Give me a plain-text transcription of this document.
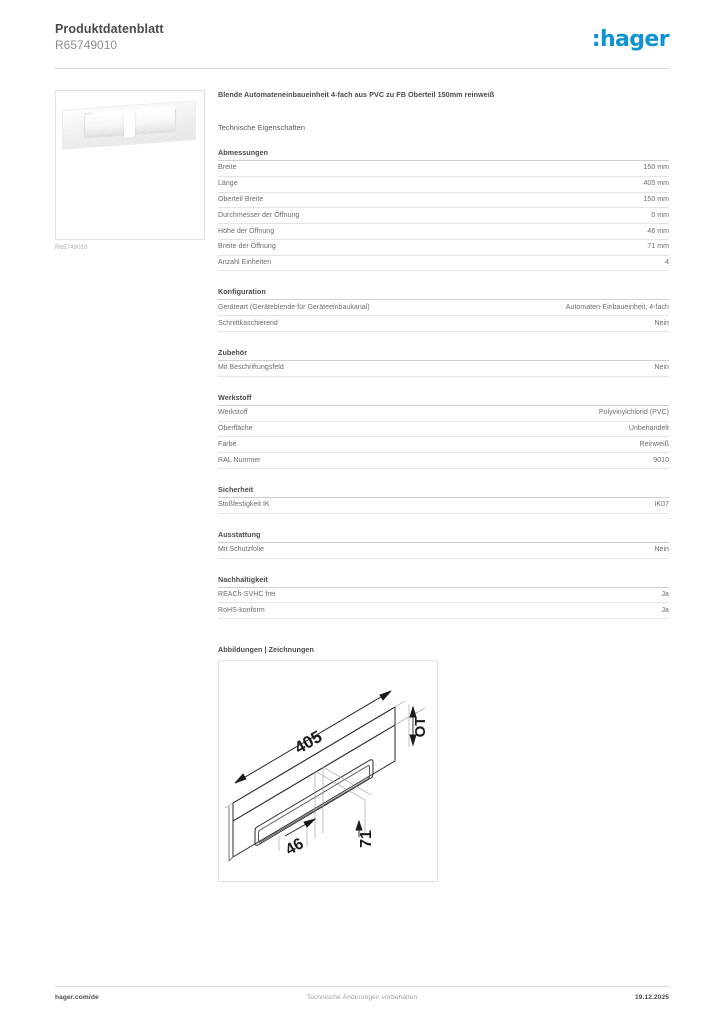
Produktdatenblatt
R65749010	:hager
R65749010
Blende Automateneinbaueinheit 4-fach aus PVC zu FB Oberteil 150mm reinweiß
Technische Eigenschaften
Abmessungen
Breite	150 mm
Länge	405 mm
Oberteil Breite	150 mm
Durchmesser der Öffnung	0 mm
Höhe der Öffnung	46 mm
Breite der Öffnung	71 mm
Anzahl Einheiten	4
Konfiguration
Geräteart (Geräteblende für Geräteeinbaukanal)	Automaten-Einbaueinheit, 4-fach
Schnittkaschierend	Nein
Zubehör
Mit Beschriftungsfeld	Nein
Werkstoff
Werkstoff	Polyvinylchlorid (PVC)
Oberfläche	Unbehandelt
Farbe	Reinweiß
RAL Nummer	9010
Sicherheit
Stoßfestigkeit IK	IK07
Ausstattung
Mit Schutzfolie	Nein
Nachhaltigkeit
REACh-SVHC frei	Ja
RoHS-konform	Ja
Abbildungen | Zeichnungen
405	OT
46	71
Technische Änderungen vorbehalten
hager.com/de	19.12.2025
